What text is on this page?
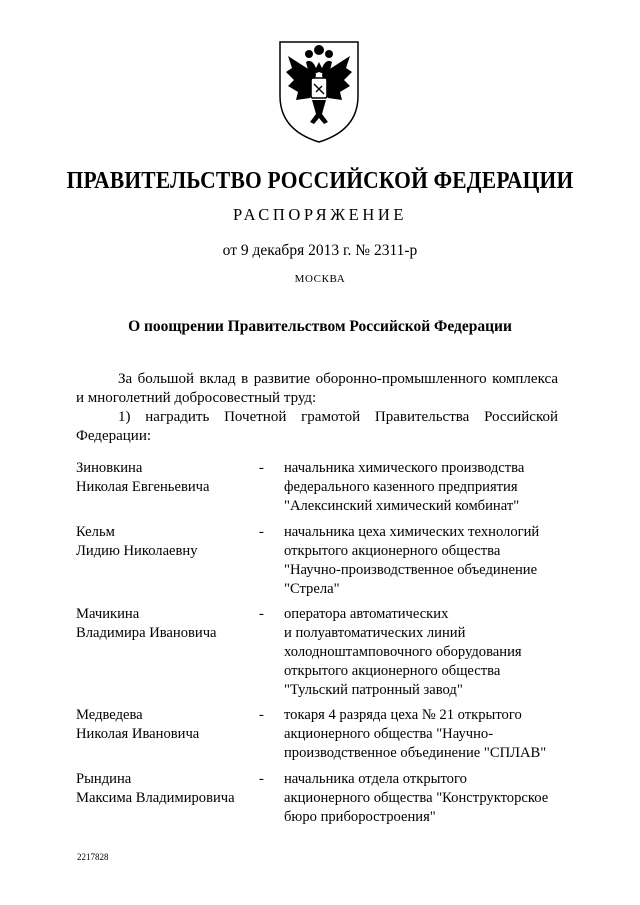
ПРАВИТЕЛЬСТВО РОССИЙСКОЙ ФЕДЕРАЦИИ
РАСПОРЯЖЕНИЕ
от 9 декабря 2013 г. № 2311-р
МОСКВА
О поощрении Правительством Российской Федерации
За большой вклад в развитие оборонно-промышленного комплекса
и многолетний добросовестный труд:
1) наградить Почетной грамотой Правительства Российской
Федерации:
Зиновкина
Николая Евгеньевича
- начальника химического производства
федерального казенного предприятия
"Алексинский химический комбинат"
Кельм
Лидию Николаевну
- начальника цеха химических технологий
открытого акционерного общества
"Научно-производственное объединение
"Стрела"
Мачикина
Владимира Ивановича
- оператора автоматических
и полуавтоматических линий
холодноштамповочного оборудования
открытого акционерного общества
"Тульский патронный завод"
Медведева
Николая Ивановича
- токаря 4 разряда цеха № 21 открытого
акционерного общества "Научно-
производственное объединение "СПЛАВ"
Рындина
Максима Владимировича
- начальника отдела открытого
акционерного общества "Конструкторское
бюро приборостроения"
2217828
